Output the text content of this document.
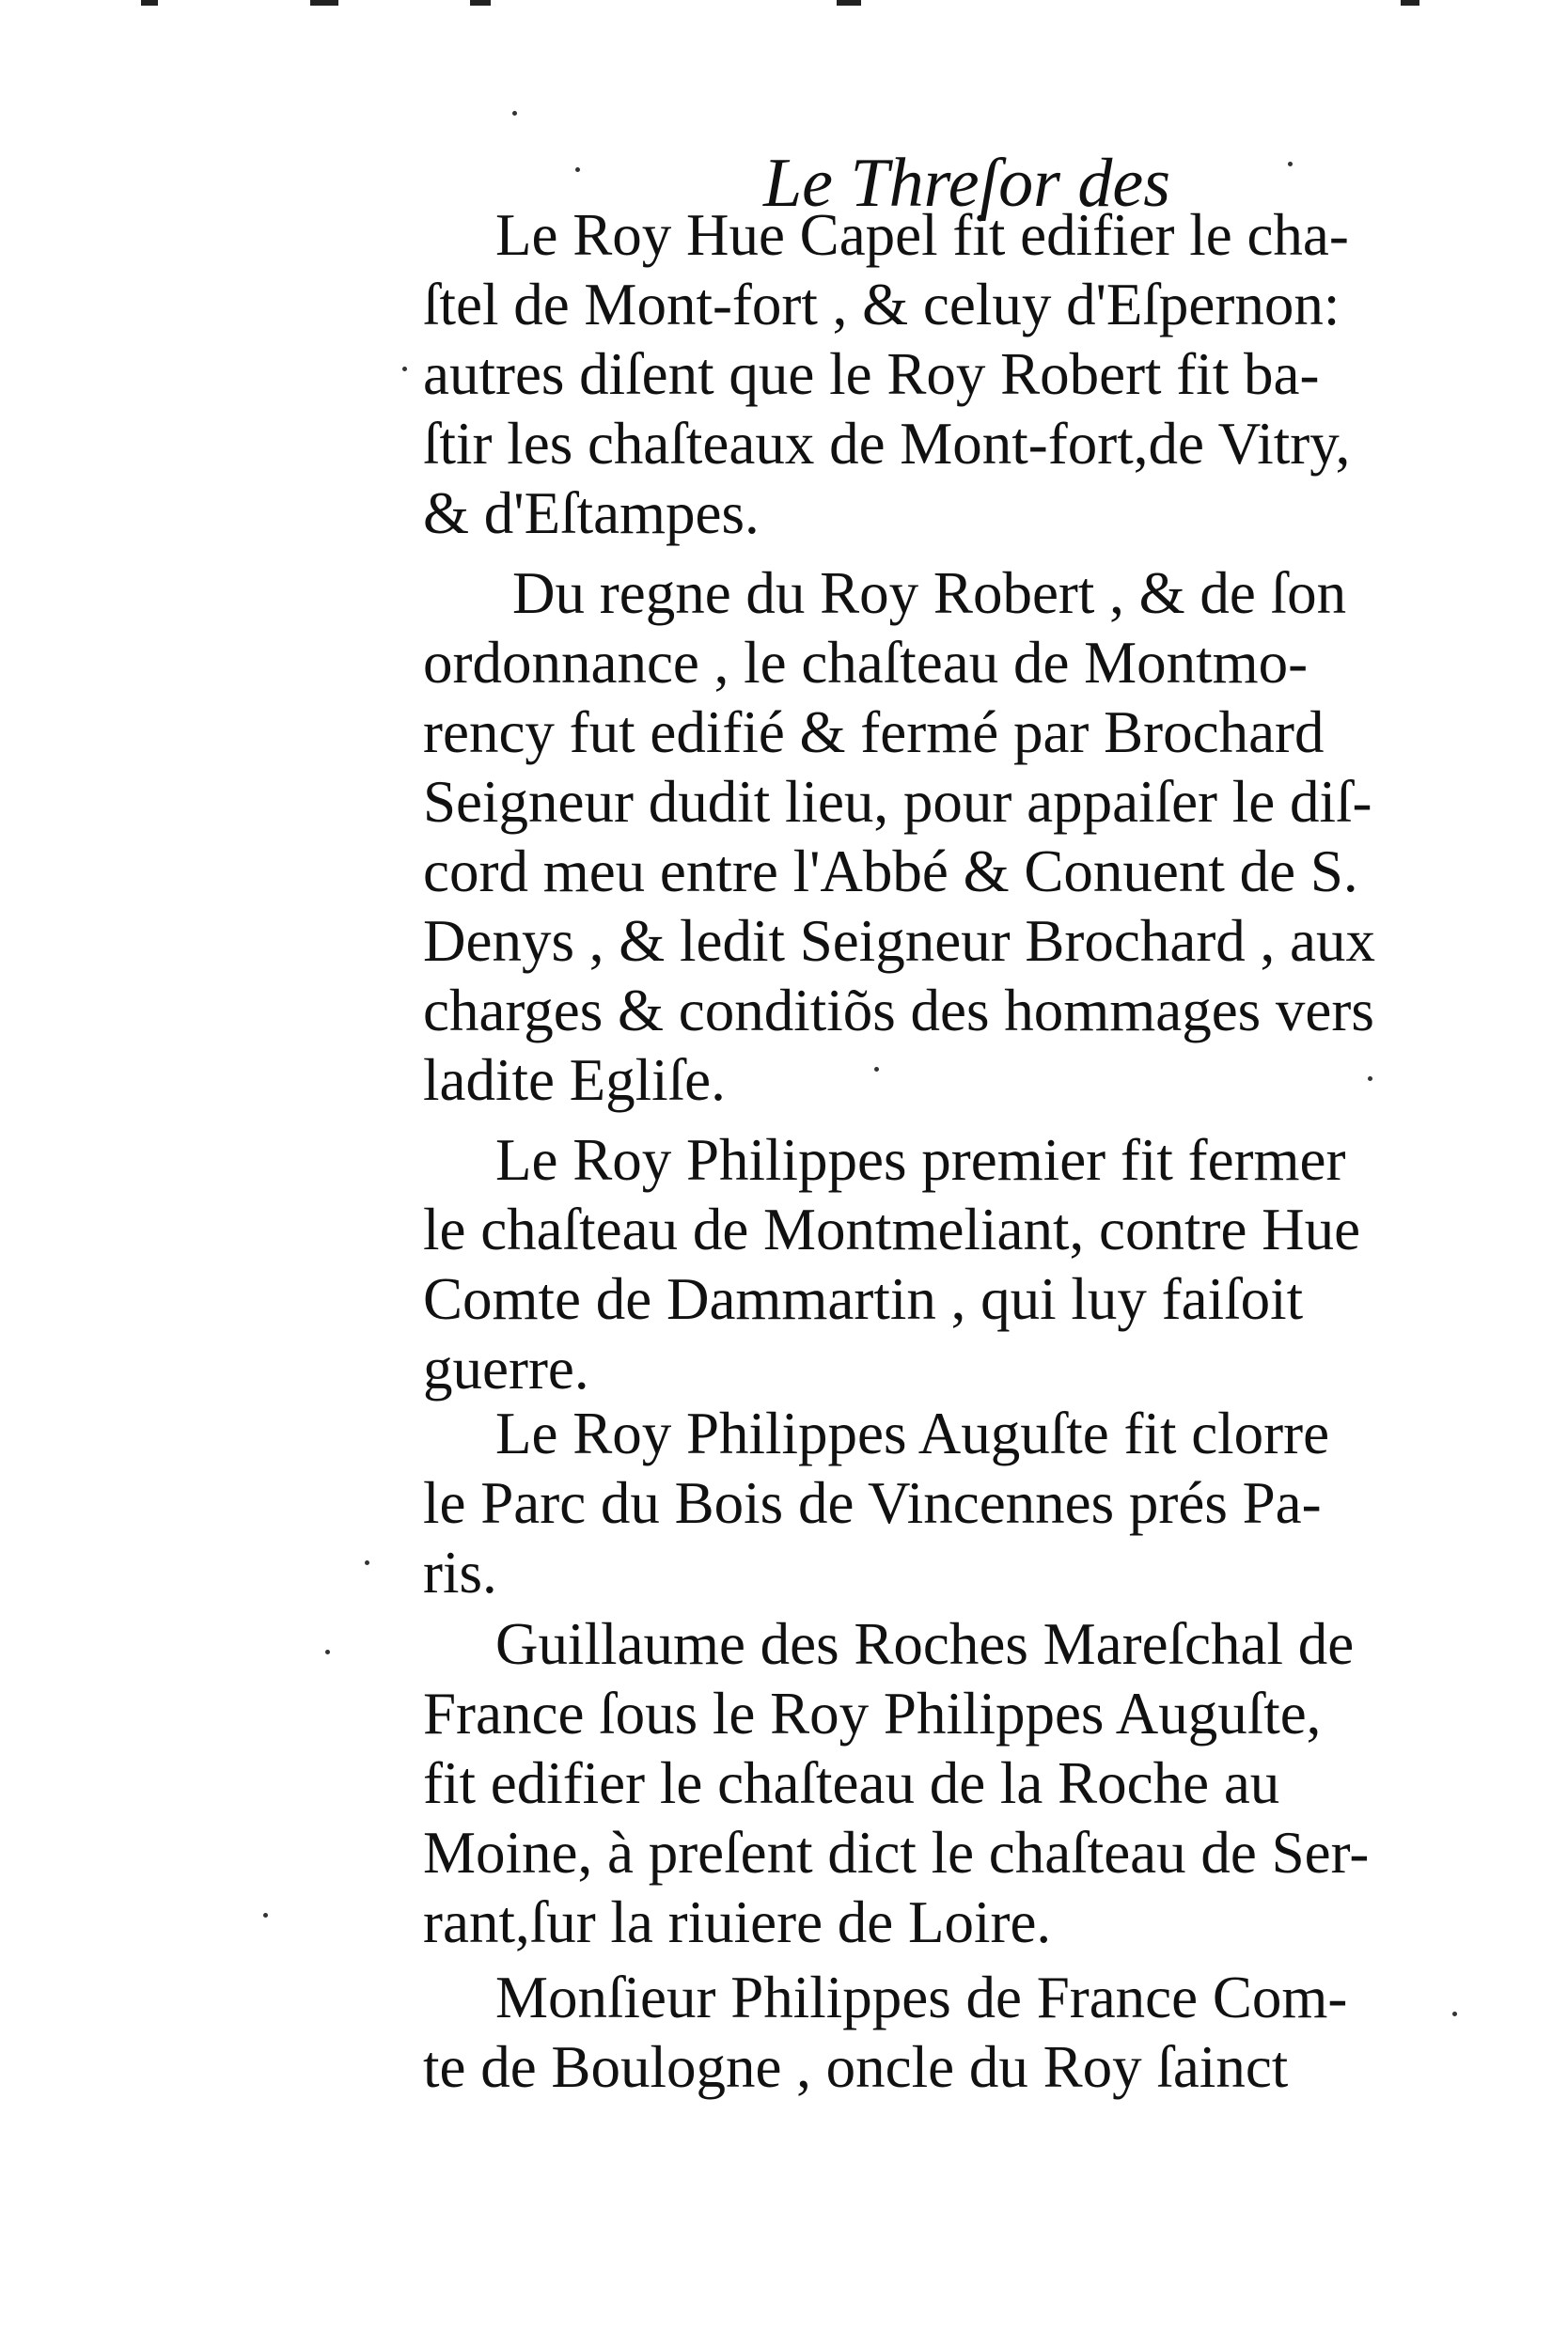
Le Threſor des
Le Roy Hue Capel fit edifier le cha-
ſtel de Mont-fort , & celuy d'Eſpernon:
autres diſent que le Roy Robert fit ba-
ſtir les chaſteaux de Mont-fort,de Vitry,
& d'Eſtampes.
Du regne du Roy Robert , & de ſon
ordonnance , le chaſteau de Montmo-
rency fut edifié & fermé par Brochard
Seigneur dudit lieu, pour appaiſer le diſ-
cord meu entre l'Abbé & Conuent de S.
Denys , & ledit Seigneur Brochard , aux
charges & conditiõs des hommages vers
ladite Egliſe.
Le Roy Philippes premier fit fermer
le chaſteau de Montmeliant, contre Hue
Comte de Dammartin , qui luy faiſoit
guerre.
Le Roy Philippes Auguſte fit clorre
le Parc du Bois de Vincennes prés Pa-
ris.
Guillaume des Roches Mareſchal de
France ſous le Roy Philippes Auguſte,
fit edifier le chaſteau de la Roche au
Moine, à preſent dict le chaſteau de Ser-
rant,ſur la riuiere de Loire.
Monſieur Philippes de France Com-
te de Boulogne , oncle du Roy ſainct
